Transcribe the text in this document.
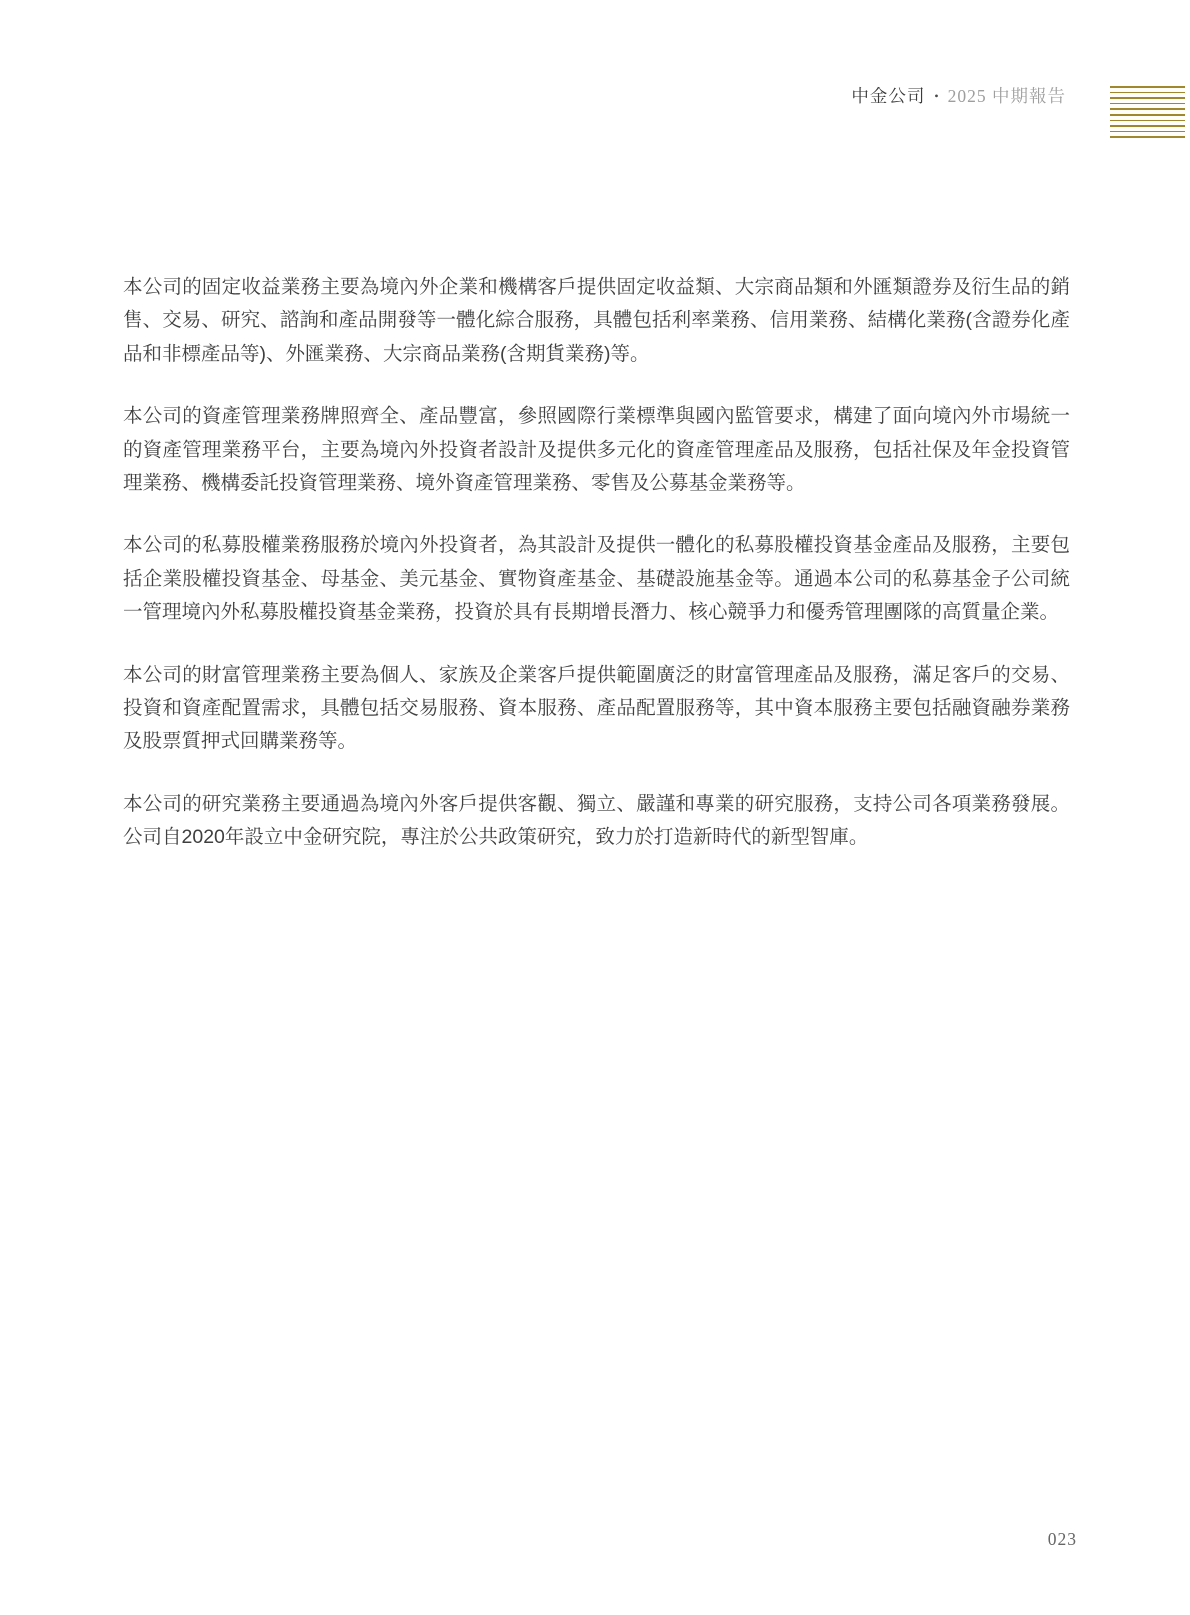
中金公司 • 2025 中期報告

本公司的固定收益業務主要為境內外企業和機構客戶提供固定收益類、大宗商品類和外匯類證券及衍生品的銷售、交易、研究、諮詢和產品開發等一體化綜合服務，具體包括利率業務、信用業務、結構化業務(含證券化產品和非標產品等)、外匯業務、大宗商品業務(含期貨業務)等。

本公司的資產管理業務牌照齊全、產品豐富，參照國際行業標準與國內監管要求，構建了面向境內外市場統一的資產管理業務平台，主要為境內外投資者設計及提供多元化的資產管理產品及服務，包括社保及年金投資管理業務、機構委託投資管理業務、境外資產管理業務、零售及公募基金業務等。

本公司的私募股權業務服務於境內外投資者，為其設計及提供一體化的私募股權投資基金產品及服務，主要包括企業股權投資基金、母基金、美元基金、實物資產基金、基礎設施基金等。通過本公司的私募基金子公司統一管理境內外私募股權投資基金業務，投資於具有長期增長潛力、核心競爭力和優秀管理團隊的高質量企業。

本公司的財富管理業務主要為個人、家族及企業客戶提供範圍廣泛的財富管理產品及服務，滿足客戶的交易、投資和資產配置需求，具體包括交易服務、資本服務、產品配置服務等，其中資本服務主要包括融資融券業務及股票質押式回購業務等。

本公司的研究業務主要通過為境內外客戶提供客觀、獨立、嚴謹和專業的研究服務，支持公司各項業務發展。公司自2020年設立中金研究院，專注於公共政策研究，致力於打造新時代的新型智庫。

023
